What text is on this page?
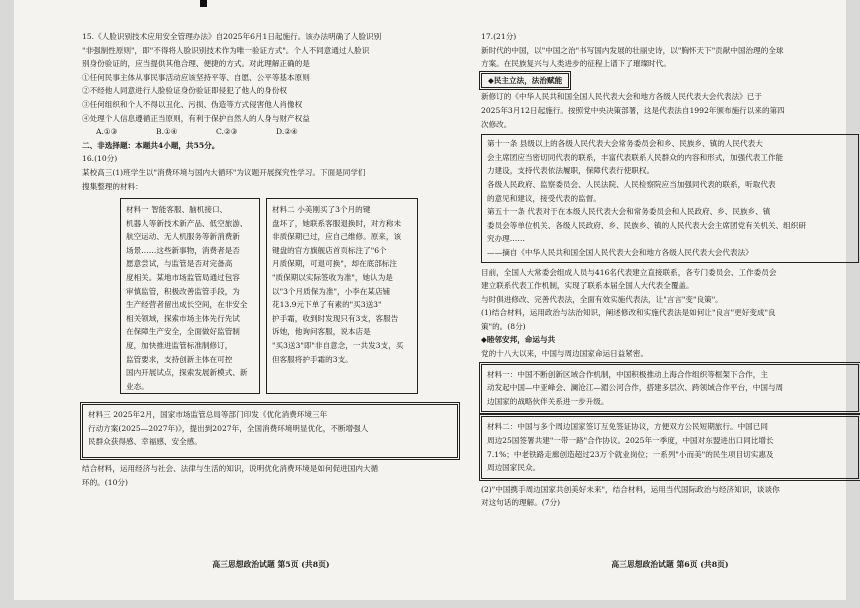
15.《人脸识别技术应用安全管理办法》自2025年6月1日起施行。该办法明确了人脸识别
"非强制性原则"，即"不得将人脸识别技术作为唯一验证方式"。个人不同意通过人脸识
别身份验证的，应当提供其他合理、便捷的方式。对此理解正确的是
①任何民事主体从事民事活动应该坚持平等、自愿、公平等基本原则
②不经他人同意进行人脸验证身份验证即侵犯了他人的身份权
③任何组织和个人不得以丑化、污损、伪造等方式侵害他人肖像权
④处理个人信息遵循正当原则，有利于保护自然人的人身与财产权益
A.①③	B.①④	C.②③	D.②④
二、非选择题：本题共4小题，共55分。
16.(10分)
某校高三(1)班学生以"消费环境与国内大循环"为议题开展探究性学习。下面是同学们
搜集整理的材料：
材料一 智能客服、脑机接口、
机器人等新技术新产品、低空旅游、
航空运动、无人机服务等新消费新
场景……这些新事物，消费者是否
愿意尝试，与监管是否对完备高
度相关。某地市场监管局通过包容
审慎监管，积极改善监管手段，为
生产经营者留出成长空间，在非安全
相关领域，探索市场主体先行先试
在保障生产安全，全面做好监管制
度，加快推进监管标准制修订，
监管要求，支持创新主体在可控
国内开展试点，探索发展新模式、新
业态。
材料二 小美刚买了3个月的键
盘坏了，她联系客服退换时，对方称未
非质保期已过，应自己维修。原来，该
键盘的官方旗舰店首页标注了"6个
月质保期，可退可换"，却在底部标注
"质保期以实际签收为准"，她认为是
以"3个月质保为准"，小李在某店铺
花13.9元下单了有素的"买3送3"
护手霜，收到时发现只有3支，客服告
诉她，他询问客服，说本店是
"买3送3"即"非自意念，一共发3支，买
但客服将护手霜的3支。
材料三 2025年2月，国家市场监管总局等部门印发《优化消费环境三年
行动方案(2025—2027年)》，提出到2027年，全国消费环境明显优化，不断增强人
民群众获得感、幸福感、安全感。
结合材料，运用经济与社会、法律与生活的知识，说明优化消费环境是如何促进国内大循
环的。(10分)
高三思想政治试题 第5页 (共8页)
17.(21分)
新时代的中国，以"中国之治"书写国内发展的壮丽史诗，以"胸怀天下"贡献中国治理的全球
方案。在民族复兴与人类进步的征程上谱下了璀璨时代。
◆民主立法，法治赋能
新修订的《中华人民共和国全国人民代表大会和地方各级人民代表大会代表法》已于
2025年3月12日起施行。按照党中央决策部署，这是代表法自1992年颁布施行以来的第四
次修改。
第十一条 县级以上的各级人民代表大会常务委员会和乡、民族乡、镇的人民代表大
会主席团应当密切同代表的联系，丰富代表联系人民群众的内容和形式，加强代表工作能
力建设，支持代表依法履职，保障代表行使职权。
各级人民政府、监察委员会、人民法院、人民检察院应当加强同代表的联系，听取代表
的意见和建议，接受代表的监督。
第五十一条 代表对于在本级人民代表大会和常务委员会和人民政府、乡、民族乡、镇
委员会等单位机关、各级人民政府、乡、民族乡、镇的人民代表大会主席团党有关机关、组织研
究办理……
——摘自《中华人民共和国全国人民代表大会和地方各级人民代表大会代表法》
目前，全国人大常委会组成人员与416名代表建立直接联系，各专门委员会、工作委员会
建立联系代表工作机制，实现了联系本届全国人大代表全覆盖。
与时俱进修改、完善代表法，全面有效实施代表法，让"言言"变"良策"。
(1)结合材料，运用政治与法治知识，阐述修改和实施代表法是如何让"良言"更好变成"良
策"的。(8分)
◆睦邻安邦，命运与共
党的十八大以来，中国与周边国家命运日益紧密。
材料一：中国不断创新区域合作机制，中国积极推动上海合作组织等框架下合作，主
动发起中国—中亚峰会、澜沧江—湄公河合作，搭建多层次、跨领域合作平台，中国与周
边国家的战略伙伴关系进一步升级。
材料二：中国与多个周边国家签订互免签证协议，方便双方公民短期旅行。中国已同
周边25国签署共建"一带一路"合作协议。2025年一季度，中国对东盟进出口同比增长
7.1%；中老铁路走廊创造超过23万个就业岗位；一系列"小而美"的民生项目切实惠及
周边国家民众。
(2)"中国携手周边国家共创美好未来"，结合材料，运用当代国际政治与经济知识，谈谈你
对这句话的理解。(7分)
高三思想政治试题 第6页 (共8页)
